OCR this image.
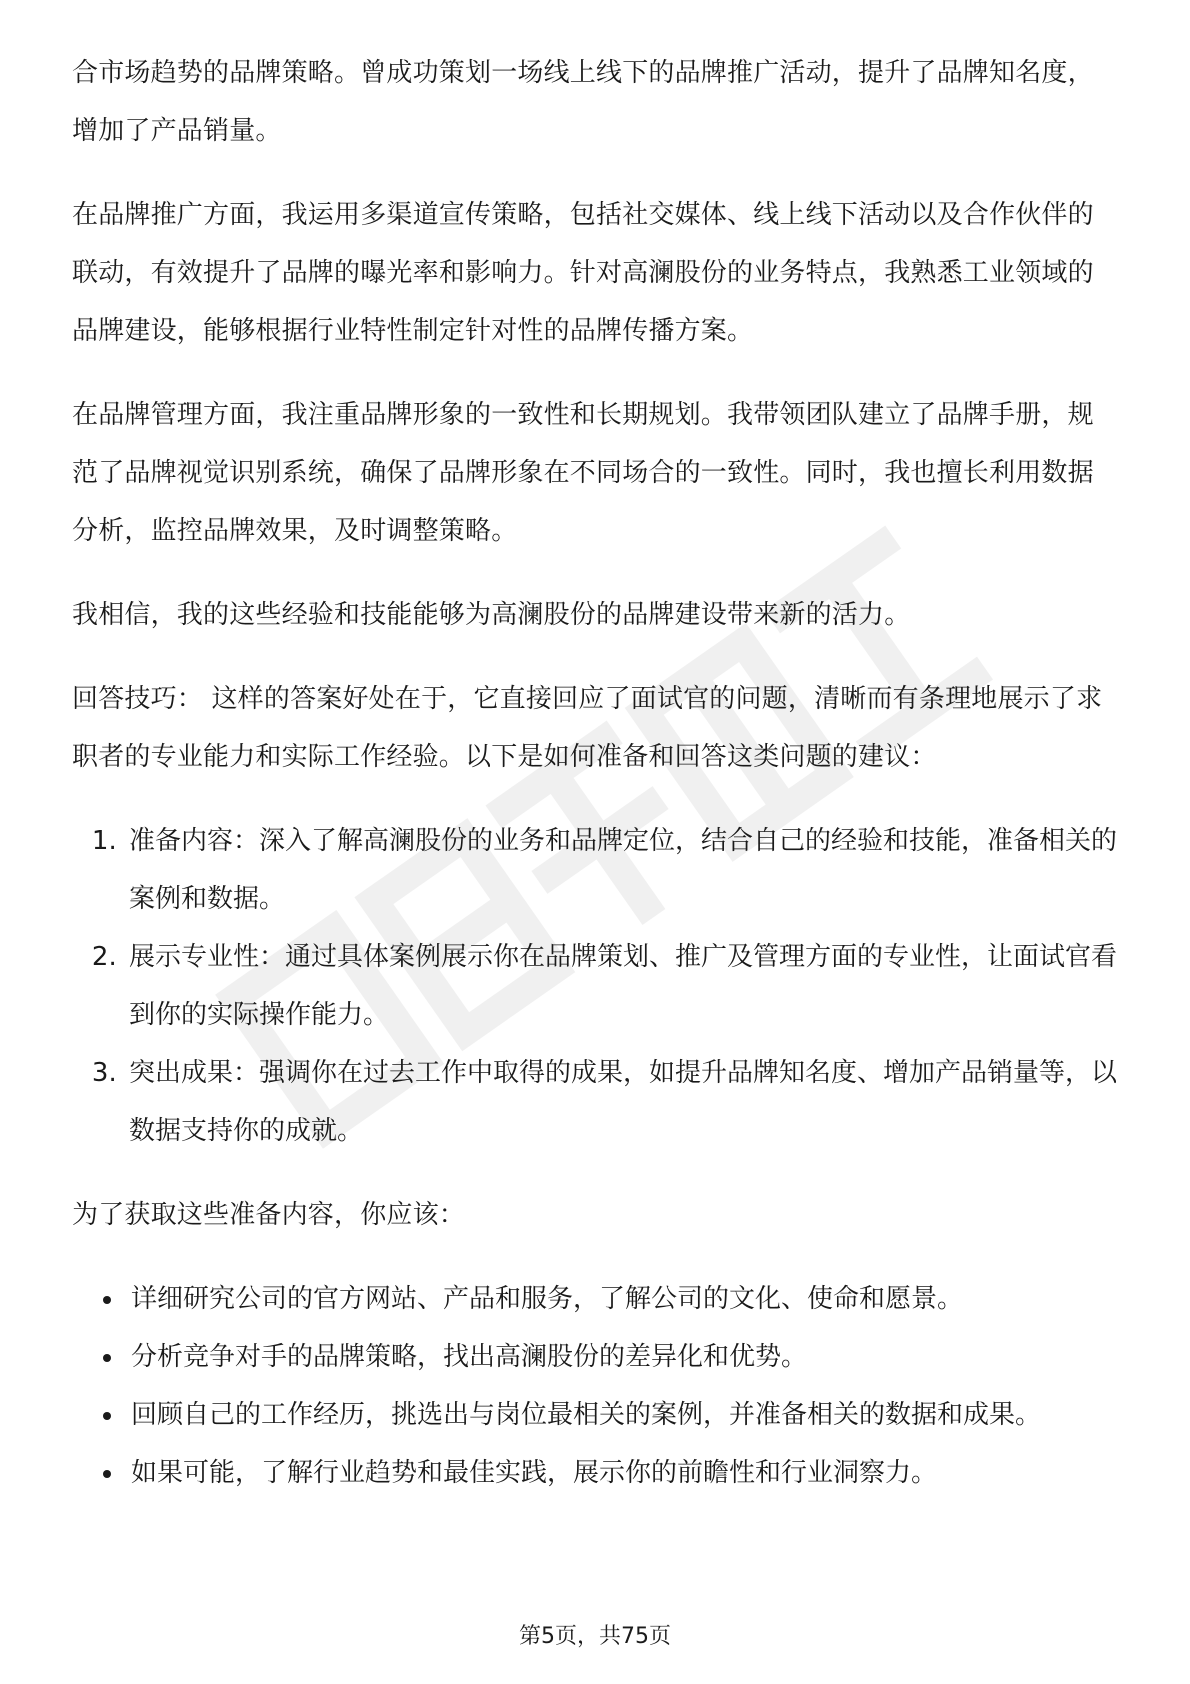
合市场趋势的品牌策略。曾成功策划一场线上线下的品牌推广活动，提升了品牌知名度，增加了产品销量。

在品牌推广方面，我运用多渠道宣传策略，包括社交媒体、线上线下活动以及合作伙伴的联动，有效提升了品牌的曝光率和影响力。针对高澜股份的业务特点，我熟悉工业领域的品牌建设，能够根据行业特性制定针对性的品牌传播方案。

在品牌管理方面，我注重品牌形象的一致性和长期规划。我带领团队建立了品牌手册，规范了品牌视觉识别系统，确保了品牌形象在不同场合的一致性。同时，我也擅长利用数据分析，监控品牌效果，及时调整策略。

我相信，我的这些经验和技能能够为高澜股份的品牌建设带来新的活力。

回答技巧： 这样的答案好处在于，它直接回应了面试官的问题，清晰而有条理地展示了求职者的专业能力和实际工作经验。以下是如何准备和回答这类问题的建议：

1. 准备内容：深入了解高澜股份的业务和品牌定位，结合自己的经验和技能，准备相关的案例和数据。
2. 展示专业性：通过具体案例展示你在品牌策划、推广及管理方面的专业性，让面试官看到你的实际操作能力。
3. 突出成果：强调你在过去工作中取得的成果，如提升品牌知名度、增加产品销量等，以数据支持你的成就。

为了获取这些准备内容，你应该：

• 详细研究公司的官方网站、产品和服务，了解公司的文化、使命和愿景。
• 分析竞争对手的品牌策略，找出高澜股份的差异化和优势。
• 回顾自己的工作经历，挑选出与岗位最相关的案例，并准备相关的数据和成果。
• 如果可能，了解行业趋势和最佳实践，展示你的前瞻性和行业洞察力。
第5页，共75页
